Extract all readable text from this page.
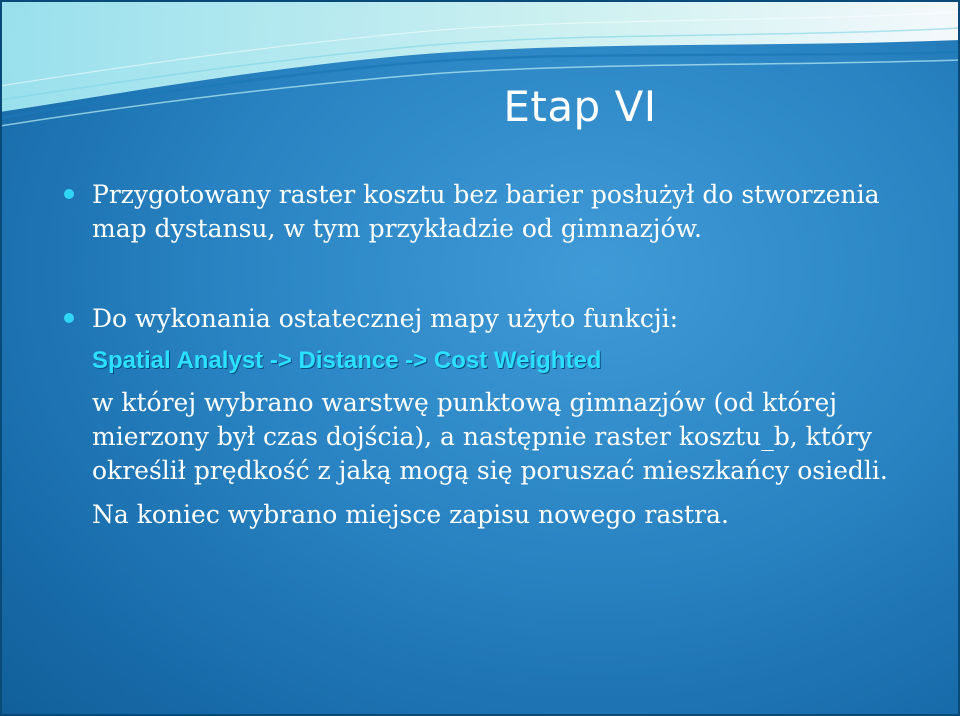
Etap VI
Przygotowany raster kosztu bez barier posłużył do stworzenia map dystansu, w tym przykładzie od gimnazjów.
Do wykonania ostatecznej mapy użyto funkcji:
Spatial Analyst -> Distance -> Cost Weighted

w której wybrano warstwę punktową gimnazjów (od której mierzony był czas dojścia), a następnie raster kosztu_b, który określił prędkość z jaką mogą się poruszać mieszkańcy osiedli.

Na koniec wybrano miejsce zapisu nowego rastra.
